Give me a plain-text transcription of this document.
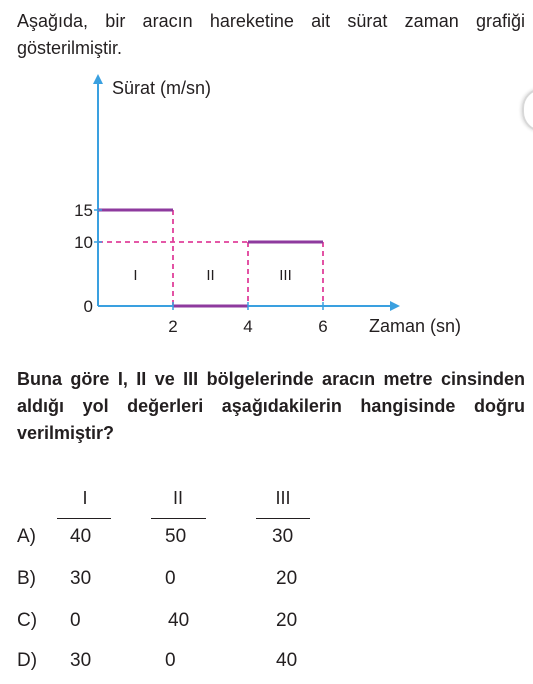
Aşağıda, bir aracın hareketine ait sürat zaman grafiği gösterilmiştir.

2	4	6
0
10
15
I	II	III
Sürat (m/sn)
Zaman (sn)

Buna göre I, II ve III bölgelerinde aracın metre cinsinden aldığı yol değerleri aşağıdakilerin hangisinde doğru verilmiştir?

I	II	III
A) 40	50	30
B) 30	0	20
C) 0	40	20
D) 30	0	40
